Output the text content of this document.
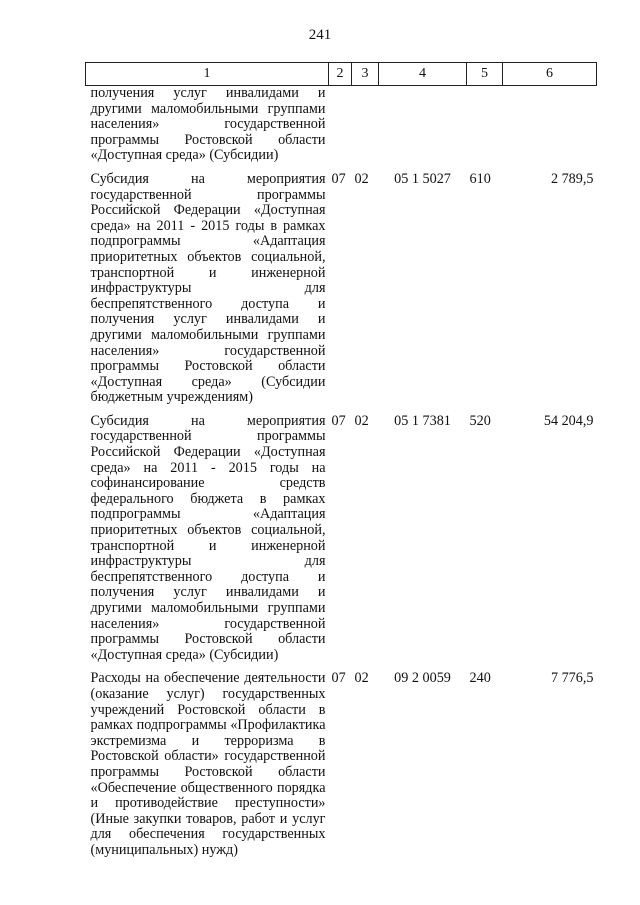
241
1	2	3	4	5	6
получения услуг инвалидами и другими маломобильными группами населения» государственной программы Ростовской области «Доступная среда» (Субсидии)					
Субсидия на мероприятия государственной программы Российской Федерации «Доступная среда» на 2011 - 2015 годы в рамках подпрограммы «Адаптация приоритетных объектов социальной, транспортной и инженерной инфраструктуры для беспрепятственного доступа и получения услуг инвалидами и другими маломобильными группами населения» государственной программы Ростовской области «Доступная среда» (Субсидии бюджетным учреждениям)	07	02	05 1 5027	610	2 789,5
Субсидия на мероприятия государственной программы Российской Федерации «Доступная среда» на 2011 - 2015 годы на софинансирование средств федерального бюджета в рамках подпрограммы «Адаптация приоритетных объектов социальной, транспортной и инженерной инфраструктуры для беспрепятственного доступа и получения услуг инвалидами и другими маломобильными группами населения» государственной программы Ростовской области «Доступная среда» (Субсидии)	07	02	05 1 7381	520	54 204,9
Расходы на обеспечение деятельности (оказание услуг) государственных учреждений Ростовской области в рамках подпрограммы «Профилактика экстремизма и терроризма в Ростовской области» государственной программы Ростовской области «Обеспечение общественного порядка и противодействие преступности» (Иные закупки товаров, работ и услуг для обеспечения государственных (муниципальных) нужд)	07	02	09 2 0059	240	7 776,5
